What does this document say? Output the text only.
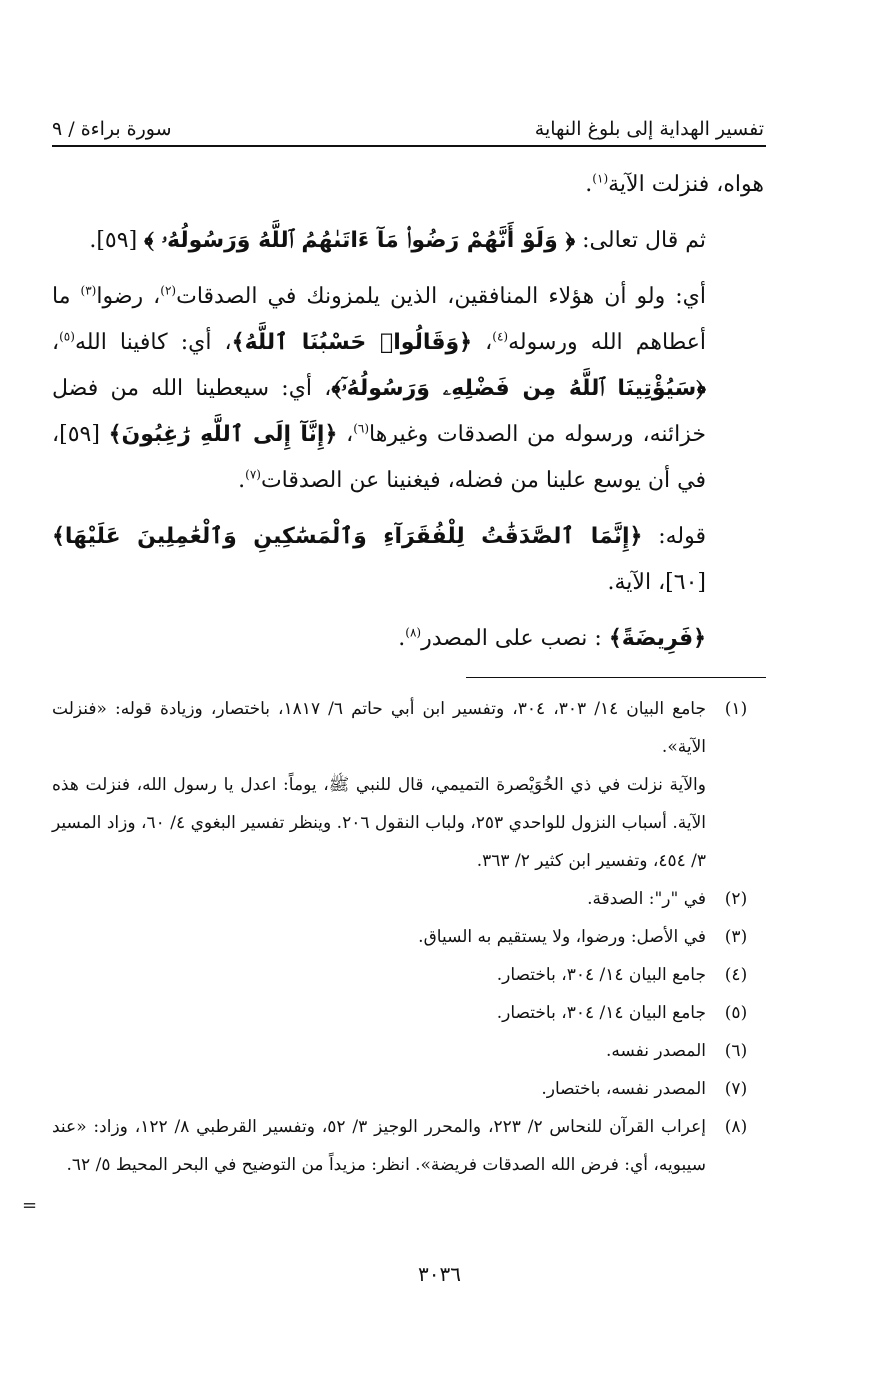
تفسير الهداية إلى بلوغ النهاية
سورة براءة / ٩

هواه، فنزلت الآية$^{(١)}$.

ثم قال تعالى: ﴿ وَلَوْ أَنَّهُمْ رَضُوا۟ مَآ ءَاتَىٰهُمُ ٱللَّهُ وَرَسُولُهُۥ ﴾ [٥٩].

أي: ولو أن هؤلاء المنافقين، الذين يلمزونك في الصدقات$^{(٢)}$، رضوا$^{(٣)}$ ما أعطاهم الله ورسوله$^{(٤)}$، ﴿وَقَالُوا۟ حَسْبُنَا ٱللَّهُ﴾، أي: كافينا الله$^{(٥)}$، ﴿سَيُؤْتِينَا ٱللَّهُ مِن فَضْلِهِۦ وَرَسُولُهُۥٓ﴾، أي: سيعطينا الله من فضل خزائنه، ورسوله من الصدقات وغيرها$^{(٦)}$، ﴿إِنَّآ إِلَى ٱللَّهِ رَٰغِبُونَ﴾ [٥٩]، في أن يوسع علينا من فضله، فيغنينا عن الصدقات$^{(٧)}$.

قوله: ﴿إِنَّمَا ٱلصَّدَقَٰتُ لِلْفُقَرَآءِ وَٱلْمَسَٰكِينِ وَٱلْعَٰمِلِينَ عَلَيْهَا﴾ [٦٠]، الآية.

﴿فَرِيضَةً﴾ : نصب على المصدر$^{(٨)}$.

(١)
جامع البيان ١٤/ ٣٠٣، ٣٠٤، وتفسير ابن أبي حاتم ٦/ ١٨١٧، باختصار، وزيادة قوله: «فنزلت الآية».
والآية نزلت في ذي الخُوَيْصرة التميمي، قال للنبي ﷺ، يوماً: اعدل يا رسول الله، فنزلت هذه الآية. أسباب النزول للواحدي ٢٥٣، ولباب النقول ٢٠٦. وينظر تفسير البغوي ٤/ ٦٠، وزاد المسير ٣/ ٤٥٤، وتفسير ابن كثير ٢/ ٣٦٣.
(٢)
في "ر": الصدقة.
(٣)
في الأصل: ورضوا، ولا يستقيم به السياق.
(٤)
جامع البيان ١٤/ ٣٠٤، باختصار.
(٥)
جامع البيان ١٤/ ٣٠٤، باختصار.
(٦)
المصدر نفسه.
(٧)
المصدر نفسه، باختصار.
(٨)
إعراب القرآن للنحاس ٢/ ٢٢٣، والمحرر الوجيز ٣/ ٥٢، وتفسير القرطبي ٨/ ١٢٢، وزاد: «عند سيبويه، أي: فرض الله الصدقات فريضة». انظر: مزيداً من التوضيح في البحر المحيط ٥/ ٦٢.
=
٣٠٣٦
